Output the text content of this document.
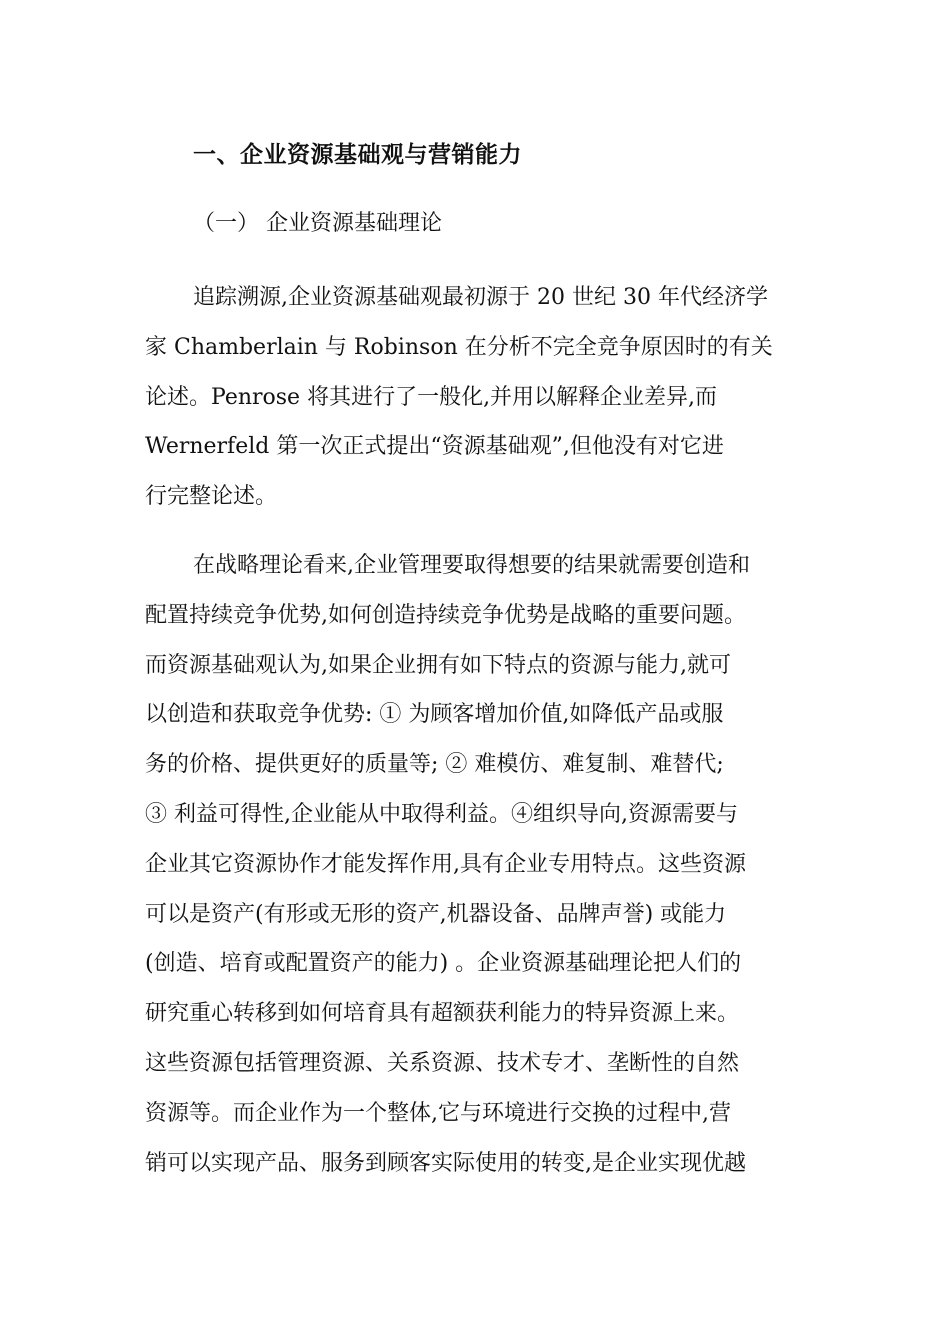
一、企业资源基础观与营销能力
（一） 企业资源基础理论
追踪溯源,企业资源基础观最初源于 20 世纪 30 年代经济学
家 Chamberlain 与 Robinson 在分析不完全竞争原因时的有关
论述。Penrose 将其进行了一般化,并用以解释企业差异,而
Wernerfeld 第一次正式提出“资源基础观”,但他没有对它进
行完整论述。
在战略理论看来,企业管理要取得想要的结果就需要创造和
配置持续竞争优势,如何创造持续竞争优势是战略的重要问题。
而资源基础观认为,如果企业拥有如下特点的资源与能力,就可
以创造和获取竞争优势: ① 为顾客增加价值,如降低产品或服
务的价格、提供更好的质量等; ② 难模仿、难复制、难替代;
③ 利益可得性,企业能从中取得利益。④组织导向,资源需要与
企业其它资源协作才能发挥作用,具有企业专用特点。这些资源
可以是资产(有形或无形的资产,机器设备、品牌声誉) 或能力
(创造、培育或配置资产的能力) 。企业资源基础理论把人们的
研究重心转移到如何培育具有超额获利能力的特异资源上来。
这些资源包括管理资源、关系资源、技术专才、垄断性的自然
资源等。而企业作为一个整体,它与环境进行交换的过程中,营
销可以实现产品、服务到顾客实际使用的转变,是企业实现优越
